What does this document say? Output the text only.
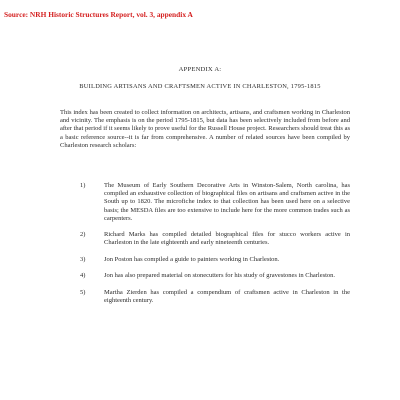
Source: NRH Historic Structures Report, vol. 3, appendix A
APPENDIX A:
BUILDING ARTISANS AND CRAFTSMEN ACTIVE IN CHARLESTON, 1795-1815

This index has been created to collect information on architects, artisans, and craftsmen working in Charleston and vicinity. The emphasis is on the period 1795-1815, but data has been selectively included from before and after that period if it seems likely to prove useful for the Russell House project. Researchers should treat this as a basic reference source--it is far from comprehensive. A number of related sources have been compiled by Charleston research scholars:

1)	The Museum of Early Southern Decorative Arts in Winston-Salem, North carolina, has compiled an exhaustive collection of biographical files on artisans and craftsmen active in the South up to 1820. The microfiche index to that collection has been used here on a selective basis; the MESDA files are too extensive to include here for the more common trades such as carpenters.
2)	Richard Marks has compiled detailed biographical files for stucco workers active in Charleston in the late eighteenth and early nineteenth centuries.
3)	Jon Poston has compiled a guide to painters working in Charleston.
4)	Jon has also prepared material on stonecutters for his study of gravestones in Charleston.
5)	Martha Zierden has compiled a compendium of craftsmen active in Charleston in the eighteenth century.
